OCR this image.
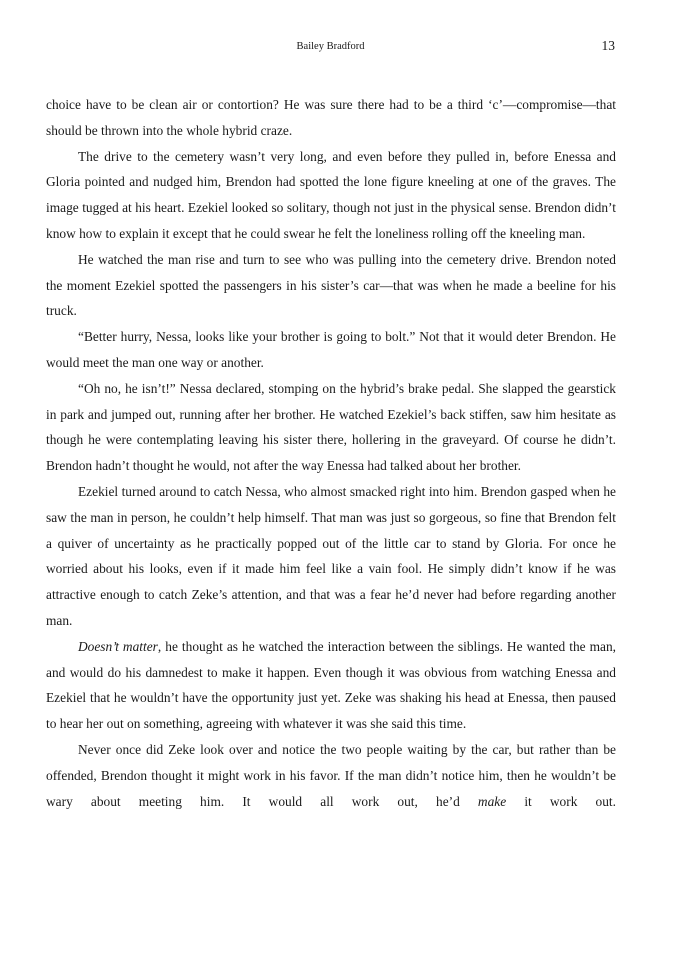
Bailey Bradford	13

choice have to be clean air or contortion? He was sure there had to be a third ‘c’—compromise—that should be thrown into the whole hybrid craze.

The drive to the cemetery wasn’t very long, and even before they pulled in, before Enessa and Gloria pointed and nudged him, Brendon had spotted the lone figure kneeling at one of the graves. The image tugged at his heart. Ezekiel looked so solitary, though not just in the physical sense. Brendon didn’t know how to explain it except that he could swear he felt the loneliness rolling off the kneeling man.

He watched the man rise and turn to see who was pulling into the cemetery drive. Brendon noted the moment Ezekiel spotted the passengers in his sister’s car—that was when he made a beeline for his truck.

“Better hurry, Nessa, looks like your brother is going to bolt.” Not that it would deter Brendon. He would meet the man one way or another.

“Oh no, he isn’t!” Nessa declared, stomping on the hybrid’s brake pedal. She slapped the gearstick in park and jumped out, running after her brother. He watched Ezekiel’s back stiffen, saw him hesitate as though he were contemplating leaving his sister there, hollering in the graveyard. Of course he didn’t. Brendon hadn’t thought he would, not after the way Enessa had talked about her brother.

Ezekiel turned around to catch Nessa, who almost smacked right into him. Brendon gasped when he saw the man in person, he couldn’t help himself. That man was just so gorgeous, so fine that Brendon felt a quiver of uncertainty as he practically popped out of the little car to stand by Gloria. For once he worried about his looks, even if it made him feel like a vain fool. He simply didn’t know if he was attractive enough to catch Zeke’s attention, and that was a fear he’d never had before regarding another man.

Doesn’t matter, he thought as he watched the interaction between the siblings. He wanted the man, and would do his damnedest to make it happen. Even though it was obvious from watching Enessa and Ezekiel that he wouldn’t have the opportunity just yet. Zeke was shaking his head at Enessa, then paused to hear her out on something, agreeing with whatever it was she said this time.

Never once did Zeke look over and notice the two people waiting by the car, but rather than be offended, Brendon thought it might work in his favor. If the man didn’t notice him, then he wouldn’t be wary about meeting him. It would all work out, he’d make it work out.
